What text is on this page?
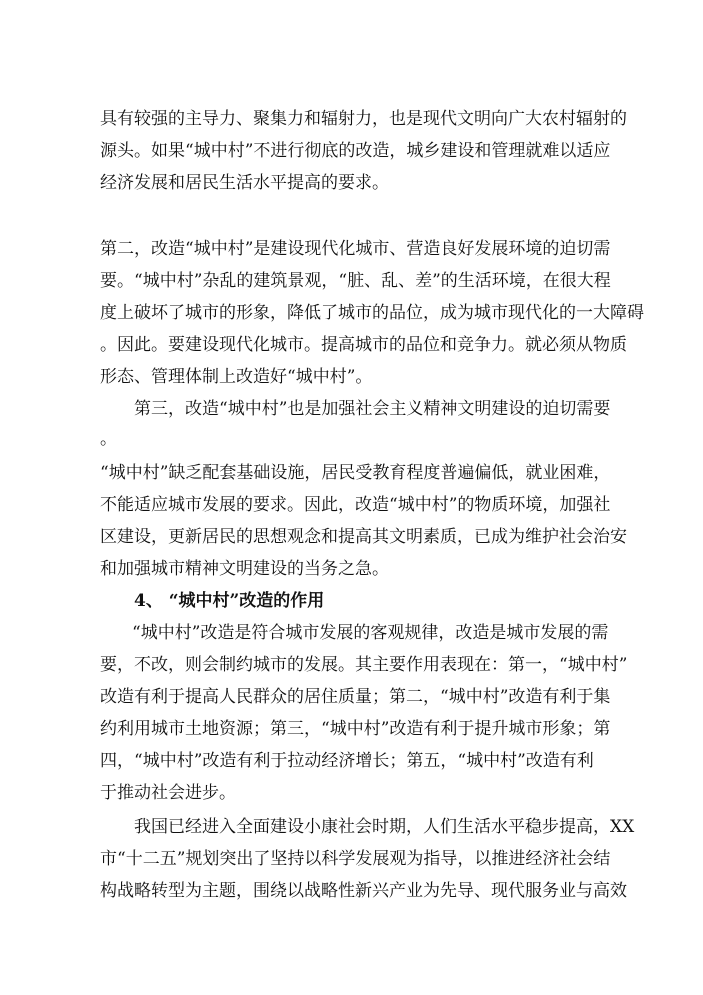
具有较强的主导力、聚集力和辐射力，也是现代文明向广大农村辐射的
源头。如果“城中村”不进行彻底的改造，城乡建设和管理就难以适应
经济发展和居民生活水平提高的要求。
第二，改造“城中村”是建设现代化城市、营造良好发展环境的迫切需
要。“城中村”杂乱的建筑景观，“脏、乱、差”的生活环境，在很大程
度上破坏了城市的形象，降低了城市的品位，成为城市现代化的一大障碍
。因此。要建设现代化城市。提高城市的品位和竞争力。就必须从物质
形态、管理体制上改造好“城中村”。
第三，改造“城中村”也是加强社会主义精神文明建设的迫切需要
。
“城中村”缺乏配套基础设施，居民受教育程度普遍偏低，就业困难，
不能适应城市发展的要求。因此，改造“城中村”的物质环境，加强社
区建设，更新居民的思想观念和提高其文明素质，已成为维护社会治安
和加强城市精神文明建设的当务之急。
4、 “城中村”改造的作用
“城中村”改造是符合城市发展的客观规律，改造是城市发展的需
要，不改，则会制约城市的发展。其主要作用表现在：第一，“城中村”
改造有利于提高人民群众的居住质量；第二，“城中村”改造有利于集
约利用城市土地资源；第三，“城中村”改造有利于提升城市形象；第
四，“城中村”改造有利于拉动经济增长；第五，“城中村”改造有利
于推动社会进步。
我国已经进入全面建设小康社会时期，人们生活水平稳步提高，XX
市“十二五”规划突出了坚持以科学发展观为指导，以推进经济社会结
构战略转型为主题，围绕以战略性新兴产业为先导、现代服务业与高效
